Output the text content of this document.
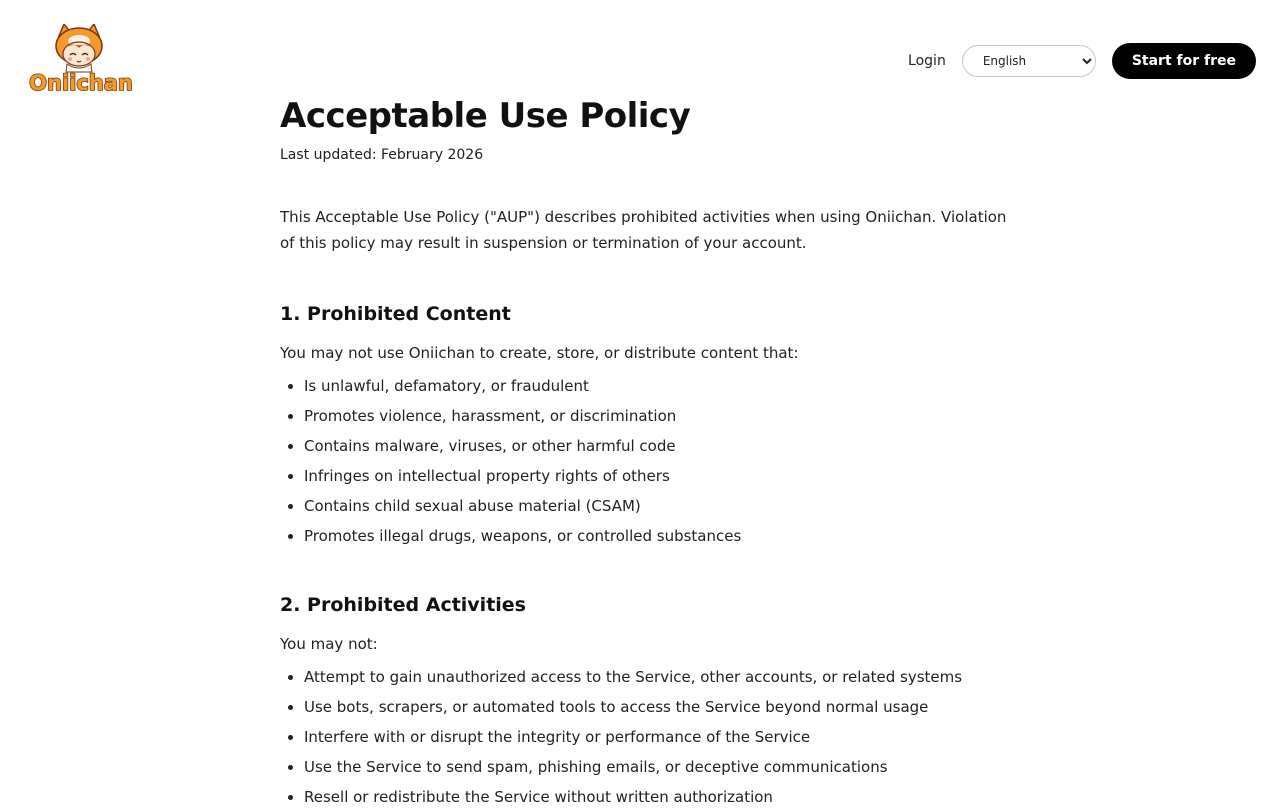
Oniichan
Login
English	Start for free
Acceptable Use Policy

Last updated: February 2026

This Acceptable Use Policy ("AUP") describes prohibited activities when using Oniichan. Violation of this policy may result in suspension or termination of your account.

1. Prohibited Content

You may not use Oniichan to create, store, or distribute content that:

• Is unlawful, defamatory, or fraudulent
• Promotes violence, harassment, or discrimination
• Contains malware, viruses, or other harmful code
• Infringes on intellectual property rights of others
• Contains child sexual abuse material (CSAM)
• Promotes illegal drugs, weapons, or controlled substances
2. Prohibited Activities

You may not:

• Attempt to gain unauthorized access to the Service, other accounts, or related systems
• Use bots, scrapers, or automated tools to access the Service beyond normal usage
• Interfere with or disrupt the integrity or performance of the Service
• Use the Service to send spam, phishing emails, or deceptive communications
• Resell or redistribute the Service without written authorization
